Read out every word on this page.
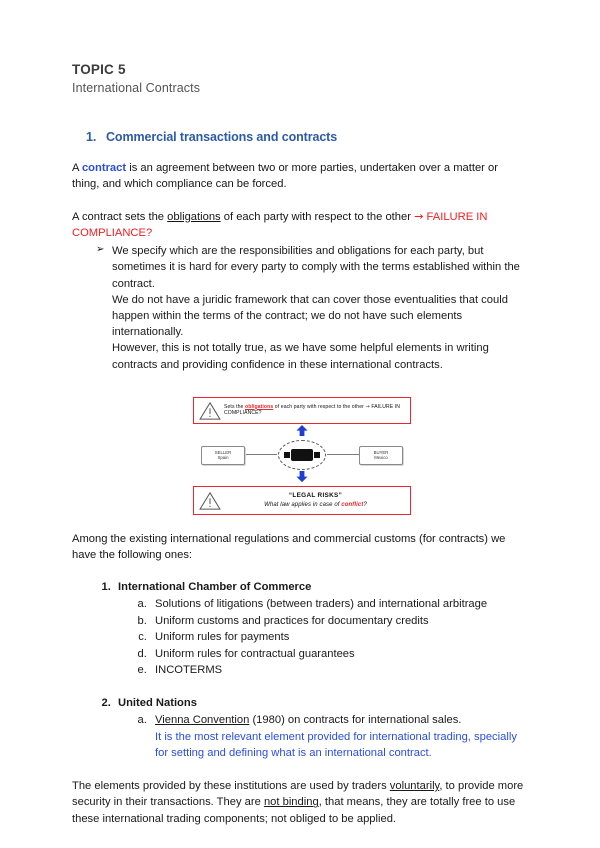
TOPIC 5
International Contracts
1. Commercial transactions and contracts

A contract is an agreement between two or more parties, undertaken over a matter or thing, and which compliance can be forced.

A contract sets the obligations of each party with respect to the other → FAILURE IN COMPLIANCE?

➢ We specify which are the responsibilities and obligations for each party, but sometimes it is hard for every party to comply with the terms established within the contract.

We do not have a juridic framework that can cover those eventualities that could happen within the terms of the contract; we do not have such elements internationally.

However, this is not totally true, as we have some helpful elements in writing contracts and providing confidence in these international contracts.

Sets the obligations of each party with respect to the other → FAILURE IN COMPLIANCE?
SELLER
Spain
BUYER
Mexico
“LEGAL RISKS”
What law applies in case of conflict?

Among the existing international regulations and commercial customs (for contracts) we have the following ones:

1. International Chamber of Commerce
a. Solutions of litigations (between traders) and international arbitrage
b. Uniform customs and practices for documentary credits
c. Uniform rules for payments
d. Uniform rules for contractual guarantees
e. INCOTERMS
2. United Nations
a. Vienna Convention (1980) on contracts for international sales.
It is the most relevant element provided for international trading, specially for setting and defining what is an international contract.

The elements provided by these institutions are used by traders voluntarily, to provide more security in their transactions. They are not binding, that means, they are totally free to use these international trading components; not obliged to be applied.
